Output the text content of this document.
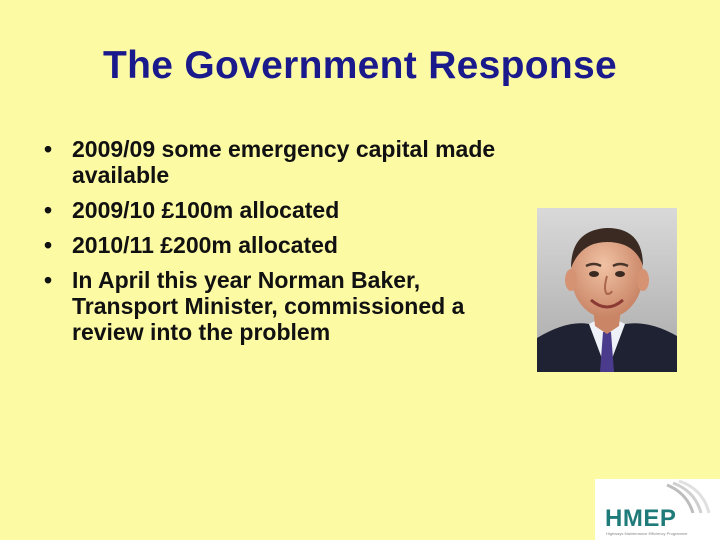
The Government Response
• 2009/09 some emergency capital made available
• 2009/10 £100m allocated
• 2010/11 £200m allocated
• In April this year Norman Baker, Transport Minister, commissioned a review into the problem
HMEP
Highways Maintenance Efficiency Programme
